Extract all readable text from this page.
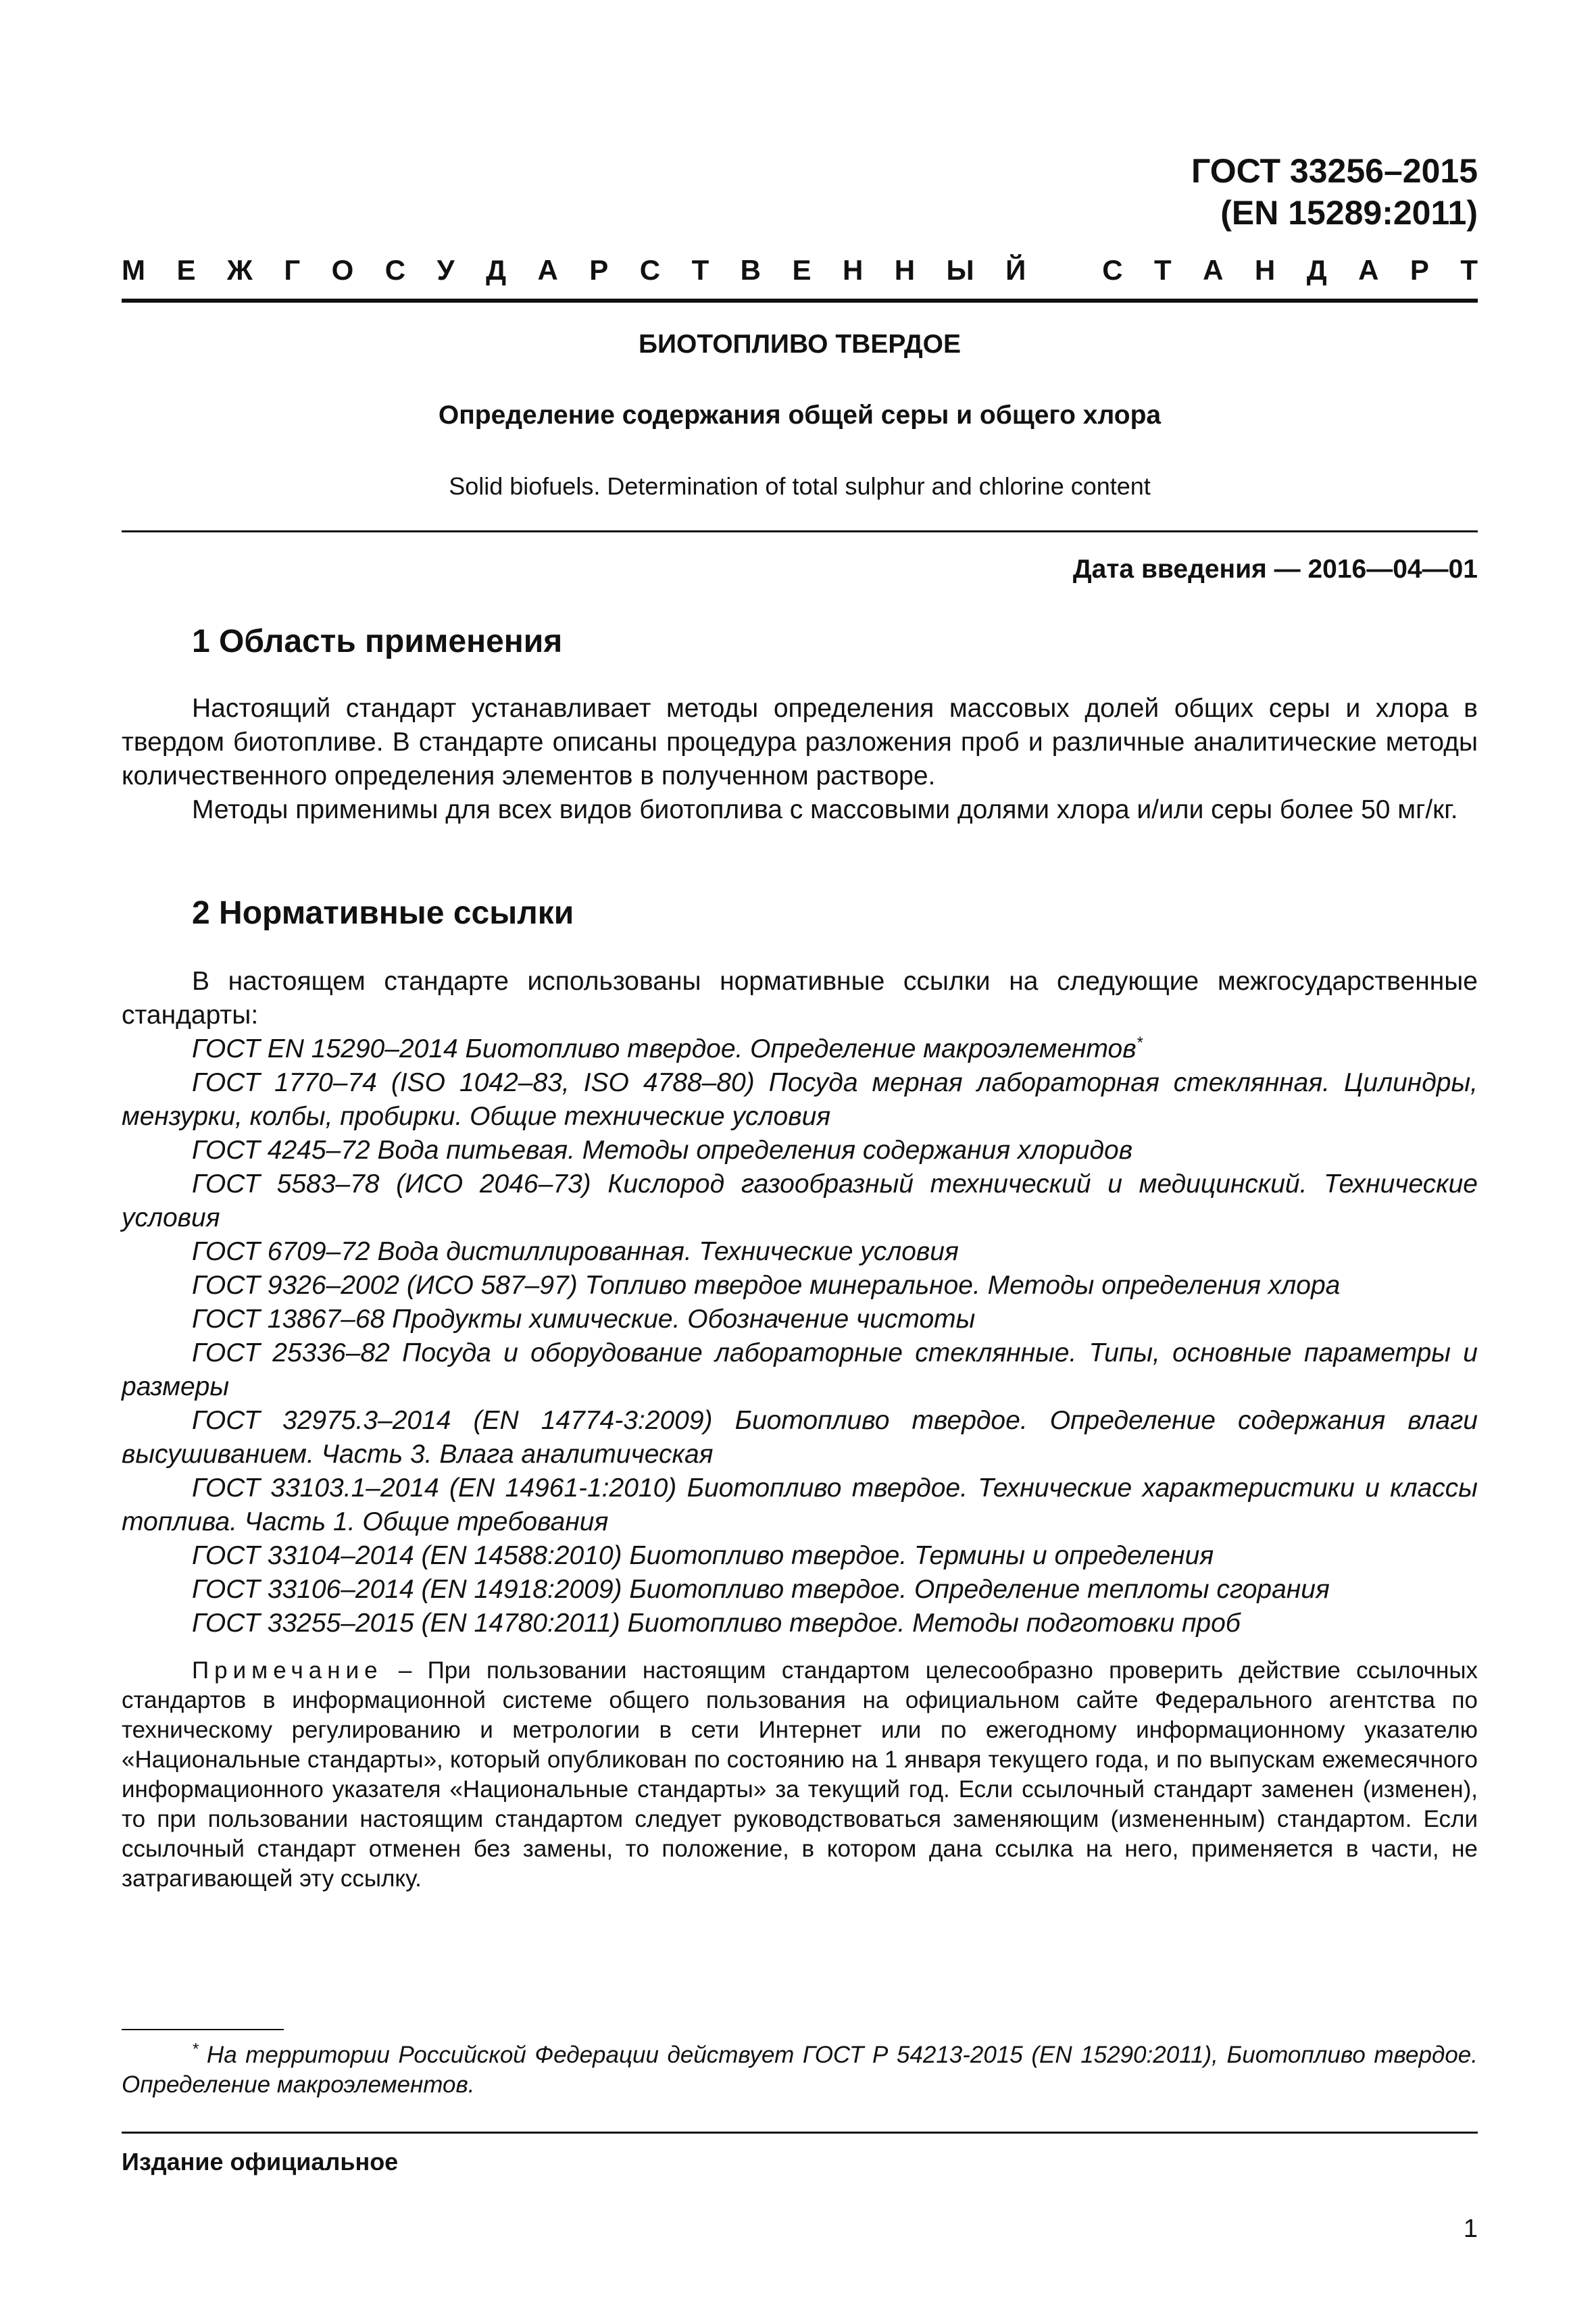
ГОСТ 33256–2015
(EN 15289:2011)
М Е Ж Г О С У Д А Р С Т В Е Н Н Ы Й	С Т А Н Д А Р Т
БИОТОПЛИВО ТВЕРДОЕ
Определение содержания общей серы и общего хлора
Solid biofuels. Determination of total sulphur and chlorine content
Дата введения — 2016—04—01
1 Область применения

Настоящий стандарт устанавливает методы определения массовых долей общих серы и хлора в твердом биотопливе. В стандарте описаны процедура разложения проб и различные аналитические методы количественного определения элементов в полученном растворе.

Методы применимы для всех видов биотоплива с массовыми долями хлора и/или серы более 50 мг/кг.

2 Нормативные ссылки

В настоящем стандарте использованы нормативные ссылки на следующие межгосударственные стандарты:

ГОСТ EN 15290–2014 Биотопливо твердое. Определение макроэлементов*

ГОСТ 1770–74 (ISO 1042–83, ISO 4788–80) Посуда мерная лабораторная стеклянная. Цилиндры, мензурки, колбы, пробирки. Общие технические условия

ГОСТ 4245–72 Вода питьевая. Методы определения содержания хлоридов

ГОСТ 5583–78 (ИСО 2046–73) Кислород газообразный технический и медицинский. Технические условия

ГОСТ 6709–72 Вода дистиллированная. Технические условия

ГОСТ 9326–2002 (ИСО 587–97) Топливо твердое минеральное. Методы определения хлора

ГОСТ 13867–68 Продукты химические. Обозначение чистоты

ГОСТ 25336–82 Посуда и оборудование лабораторные стеклянные. Типы, основные параметры и размеры

ГОСТ 32975.3–2014 (EN 14774-3:2009) Биотопливо твердое. Определение содержания влаги высушиванием. Часть 3. Влага аналитическая

ГОСТ 33103.1–2014 (EN 14961-1:2010) Биотопливо твердое. Технические характеристики и классы топлива. Часть 1. Общие требования

ГОСТ 33104–2014 (EN 14588:2010) Биотопливо твердое. Термины и определения

ГОСТ 33106–2014 (EN 14918:2009) Биотопливо твердое. Определение теплоты сгорания

ГОСТ 33255–2015 (EN 14780:2011) Биотопливо твердое. Методы подготовки проб

Примечание – При пользовании настоящим стандартом целесообразно проверить действие ссылочных стандартов в информационной системе общего пользования на официальном сайте Федерального агентства по техническому регулированию и метрологии в сети Интернет или по ежегодному информационному указателю «Национальные стандарты», который опубликован по состоянию на 1 января текущего года, и по выпускам ежемесячного информационного указателя «Национальные стандарты» за текущий год. Если ссылочный стандарт заменен (изменен), то при пользовании настоящим стандартом следует руководствоваться заменяющим (измененным) стандартом. Если ссылочный стандарт отменен без замены, то положение, в котором дана ссылка на него, применяется в части, не затрагивающей эту ссылку.

* На территории Российской Федерации действует ГОСТ Р 54213-2015 (EN 15290:2011), Биотопливо твердое. Определение макроэлементов.

Издание официальное
1
